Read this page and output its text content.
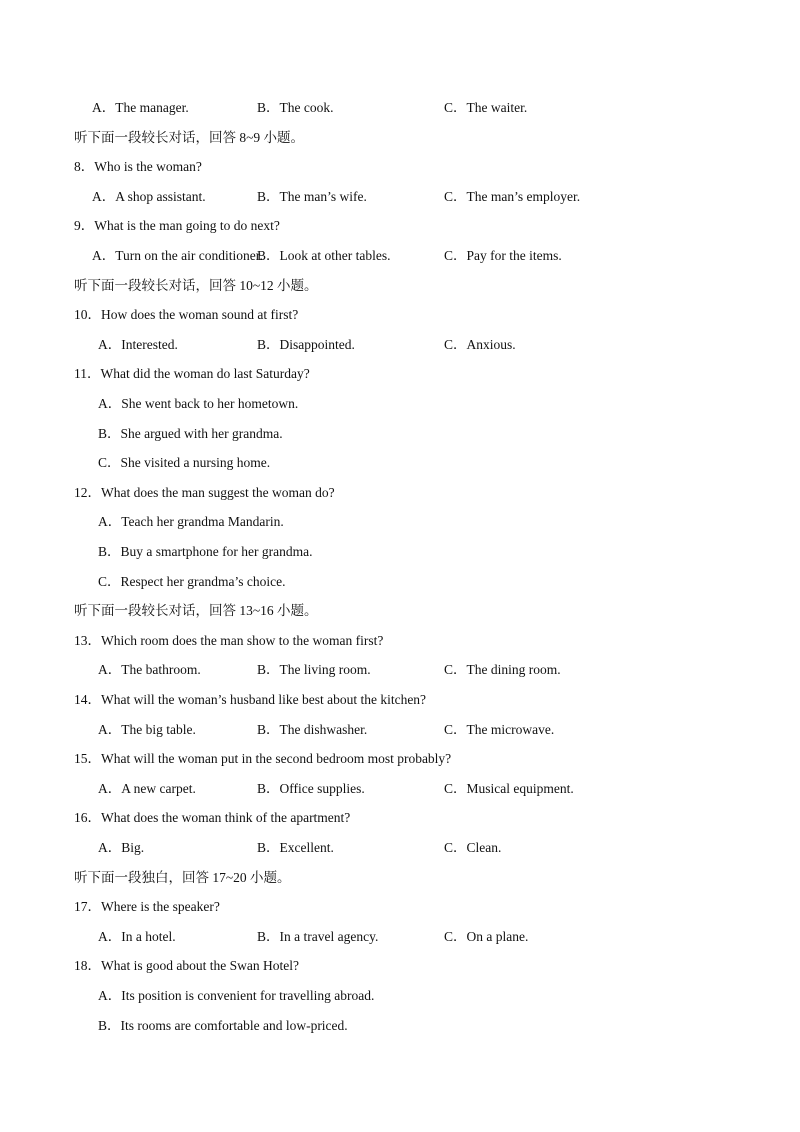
A．The manager.	B．The cook.	C．The waiter.
听下面一段较长对话，回答 8~9 小题。
8．Who is the woman?
A．A shop assistant.	B．The man’s wife.	C．The man’s employer.
9．What is the man going to do next?
A．Turn on the air conditioner.
B．Look at other tables.	C．Pay for the items.
听下面一段较长对话，回答 10~12 小题。
10．How does the woman sound at first?
A．Interested.	B．Disappointed.	C．Anxious.
11．What did the woman do last Saturday?
A．She went back to her hometown.
B．She argued with her grandma.
C．She visited a nursing home.
12．What does the man suggest the woman do?
A．Teach her grandma Mandarin.
B．Buy a smartphone for her grandma.
C．Respect her grandma’s choice.
听下面一段较长对话，回答 13~16 小题。
13．Which room does the man show to the woman first?
A．The bathroom.	B．The living room.	C．The dining room.
14．What will the woman’s husband like best about the kitchen?
A．The big table.	B．The dishwasher.	C．The microwave.
15．What will the woman put in the second bedroom most probably?
A．A new carpet.	B．Office supplies.	C．Musical equipment.
16．What does the woman think of the apartment?
A．Big.	B．Excellent.	C．Clean.
听下面一段独白，回答 17~20 小题。
17．Where is the speaker?
A．In a hotel.	B．In a travel agency.	C．On a plane.
18．What is good about the Swan Hotel?
A．Its position is convenient for travelling abroad.
B．Its rooms are comfortable and low-priced.
